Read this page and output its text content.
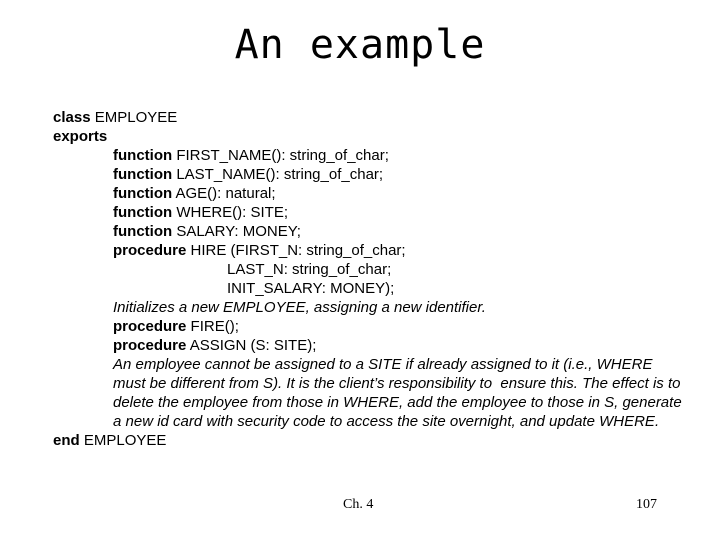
An example
class EMPLOYEE
exports
function FIRST_NAME(): string_of_char;
function LAST_NAME(): string_of_char;
function AGE(): natural;
function WHERE(): SITE;
function SALARY: MONEY;
procedure HIRE (FIRST_N: string_of_char;
LAST_N: string_of_char;
INIT_SALARY: MONEY);
Initializes a new EMPLOYEE, assigning a new identifier.
procedure FIRE();
procedure ASSIGN (S: SITE);
An employee cannot be assigned to a SITE if already assigned to it (i.e., WHERE
must be different from S). It is the client’s responsibility to  ensure this. The effect is to
delete the employee from those in WHERE, add the employee to those in S, generate
a new id card with security code to access the site overnight, and update WHERE.
end EMPLOYEE
Ch. 4	107
